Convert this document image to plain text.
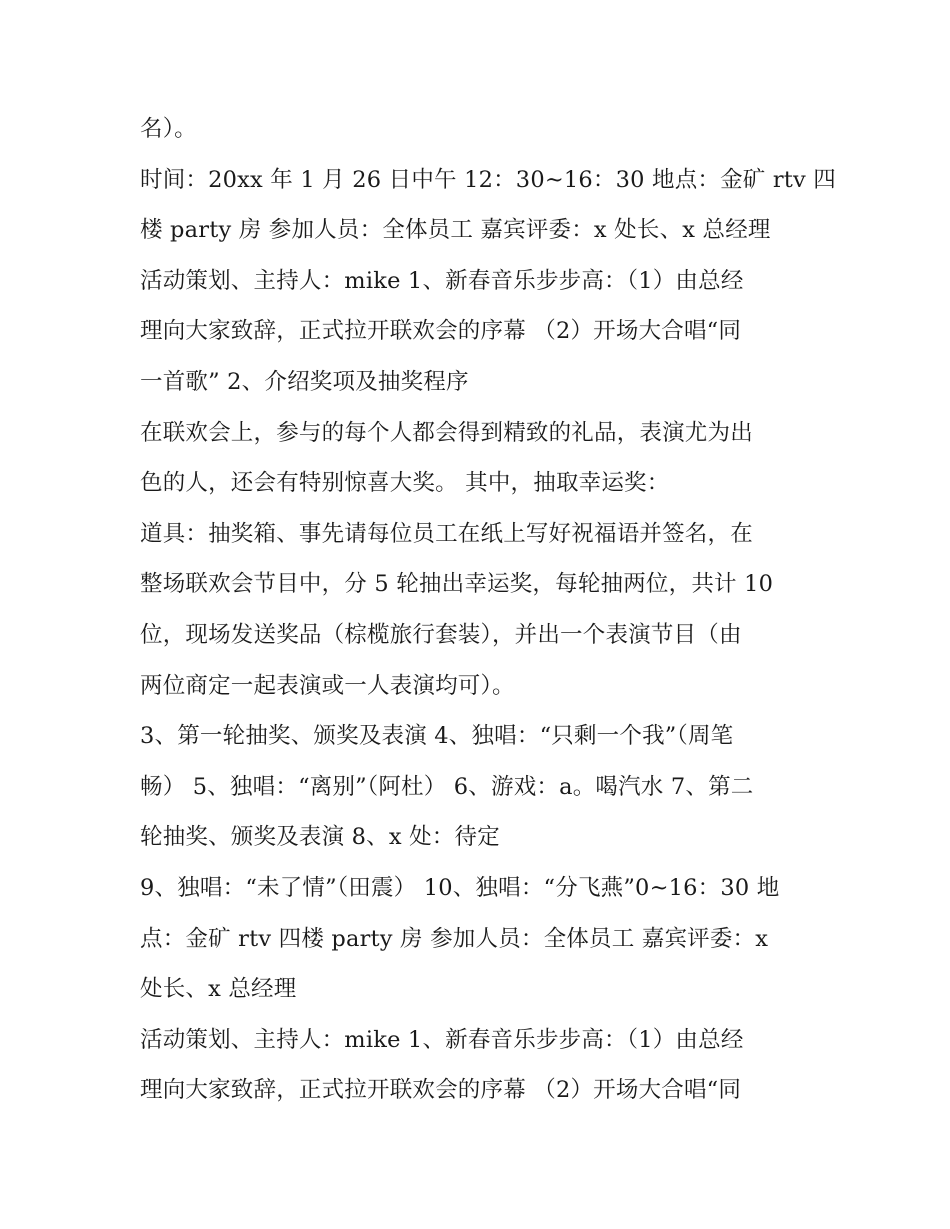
名）。
时间：20xx 年 1 月 26 日中午 12：30~16：30 地点：金矿 rtv 四
楼 party 房 参加人员：全体员工 嘉宾评委：x 处长、x 总经理
活动策划、主持人：mike 1、新春音乐步步高：（1）由总经
理向大家致辞，正式拉开联欢会的序幕 （2）开场大合唱“同
一首歌” 2、介绍奖项及抽奖程序
在联欢会上，参与的每个人都会得到精致的礼品，表演尤为出
色的人，还会有特别惊喜大奖。 其中，抽取幸运奖：
道具：抽奖箱、事先请每位员工在纸上写好祝福语并签名，在
整场联欢会节目中，分 5 轮抽出幸运奖，每轮抽两位，共计 10
位，现场发送奖品（棕榄旅行套装），并出一个表演节目（由
两位商定一起表演或一人表演均可）。
3、第一轮抽奖、颁奖及表演 4、独唱：“只剩一个我”（周笔
畅） 5、独唱：“离别”（阿杜） 6、游戏：a。喝汽水 7、第二
轮抽奖、颁奖及表演 8、x 处：待定
9、独唱：“未了情”（田震） 10、独唱：“分飞燕”0~16：30 地
点：金矿 rtv 四楼 party 房 参加人员：全体员工 嘉宾评委：x
处长、x 总经理
活动策划、主持人：mike 1、新春音乐步步高：（1）由总经
理向大家致辞，正式拉开联欢会的序幕 （2）开场大合唱“同
